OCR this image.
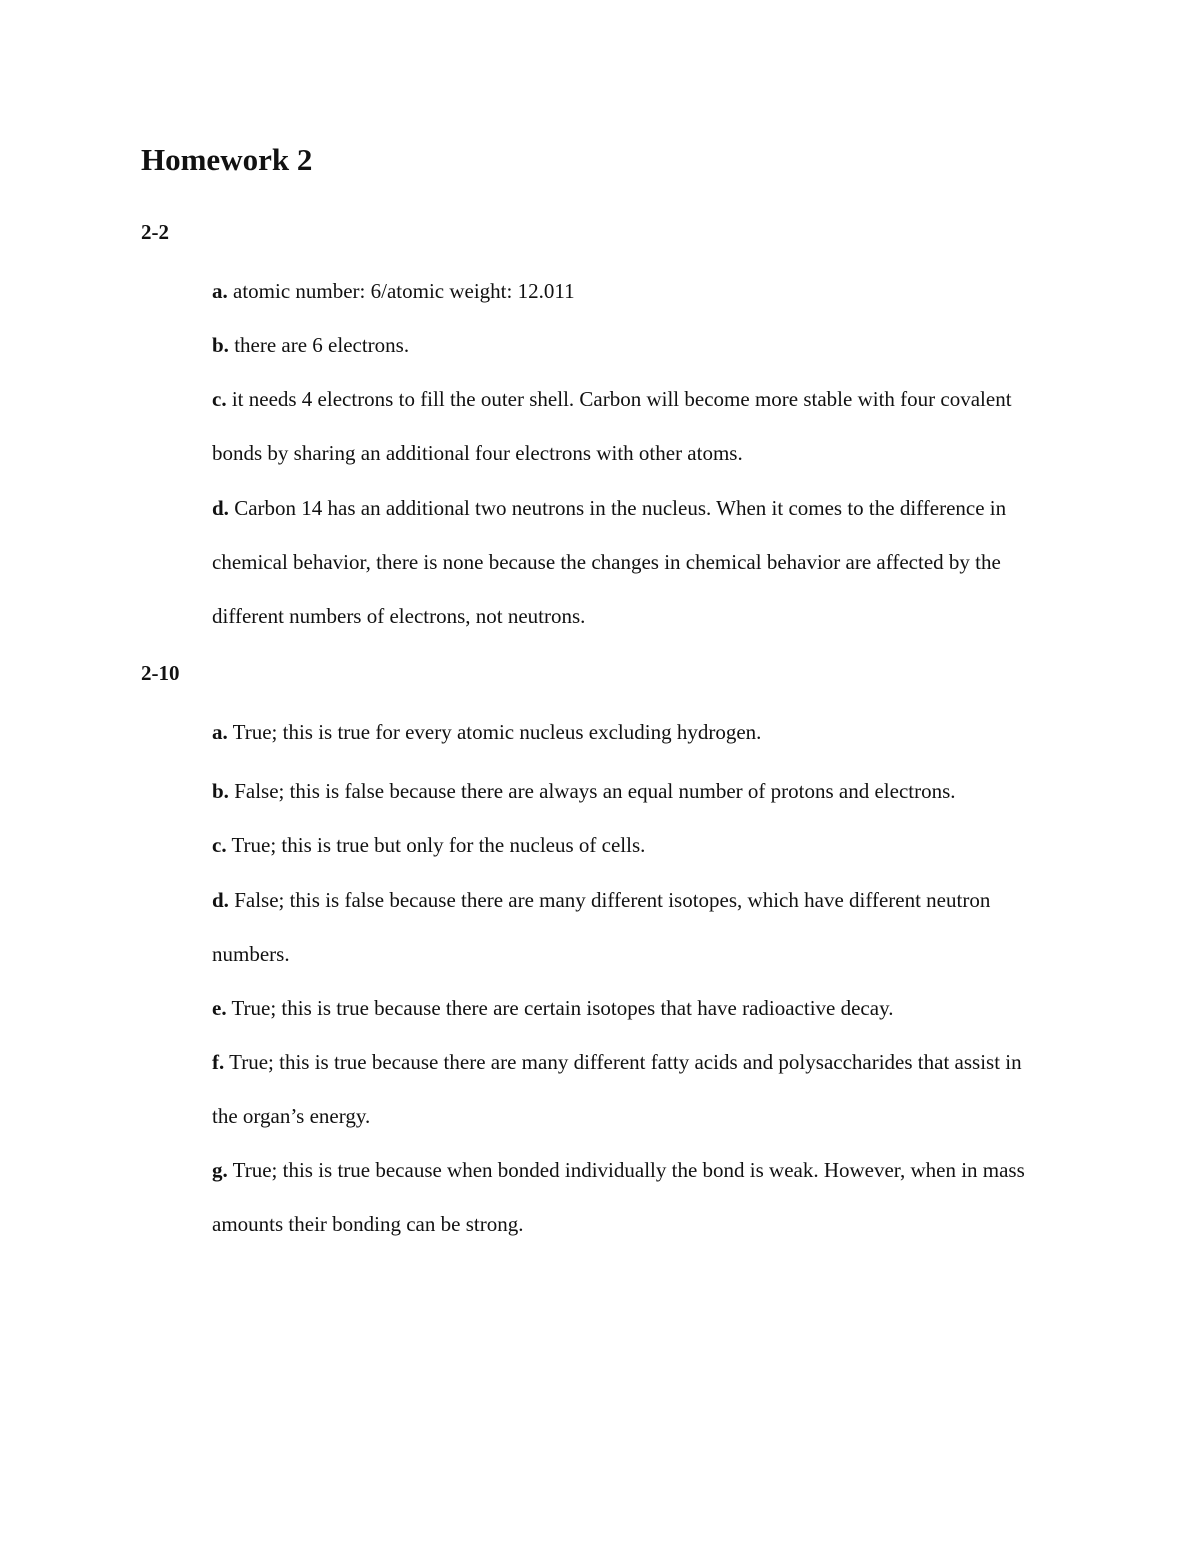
Homework 2
2-2

a. atomic number: 6/atomic weight: 12.011

b. there are 6 electrons.

c. it needs 4 electrons to fill the outer shell. Carbon will become more stable with four covalent bonds by sharing an additional four electrons with other atoms.

d. Carbon 14 has an additional two neutrons in the nucleus. When it comes to the difference in chemical behavior, there is none because the changes in chemical behavior are affected by the different numbers of electrons, not neutrons.

2-10

a. True; this is true for every atomic nucleus excluding hydrogen.

b. False; this is false because there are always an equal number of protons and electrons.

c. True; this is true but only for the nucleus of cells.

d. False; this is false because there are many different isotopes, which have different neutron numbers.

e. True; this is true because there are certain isotopes that have radioactive decay.

f. True; this is true because there are many different fatty acids and polysaccharides that assist in the organ’s energy.

g. True; this is true because when bonded individually the bond is weak. However, when in mass amounts their bonding can be strong.
